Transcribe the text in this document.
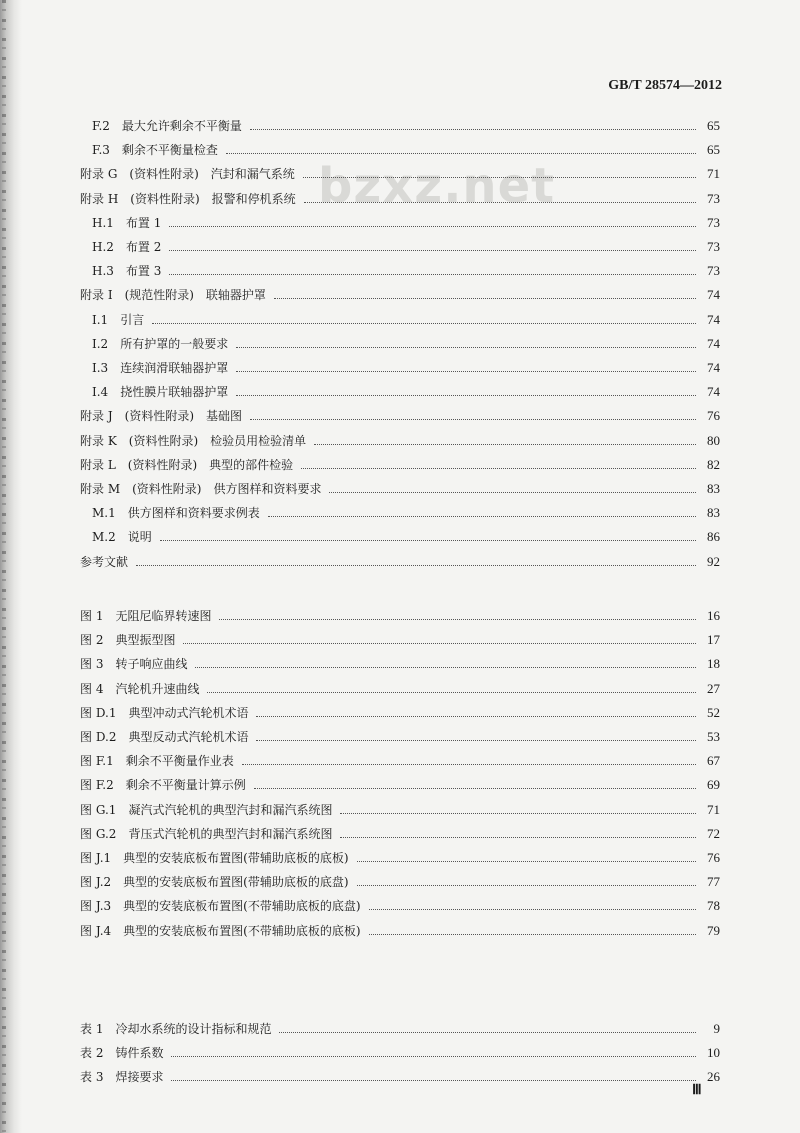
bzxz.net
GB/T 28574—2012
F.2 最大允许剩余不平衡量	65
F.3 剩余不平衡量检查	65
附录 G (资料性附录)　汽封和漏气系统	71
附录 H (资料性附录)　报警和停机系统	73
H.1 布置 1	73
H.2 布置 2	73
H.3 布置 3	73
附录 I (规范性附录)　联轴器护罩	74
I.1 引言	74
I.2 所有护罩的一般要求	74
I.3 连续润滑联轴器护罩	74
I.4 挠性膜片联轴器护罩	74
附录 J (资料性附录)　基础图	76
附录 K (资料性附录)　检验员用检验清单	80
附录 L (资料性附录)　典型的部件检验	82
附录 M (资料性附录)　供方图样和资料要求	83
M.1 供方图样和资料要求例表	83
M.2 说明	86
参考文献	92
图 1 无阻尼临界转速图	16
图 2 典型振型图	17
图 3 转子响应曲线	18
图 4 汽轮机升速曲线	27
图 D.1 典型冲动式汽轮机术语	52
图 D.2 典型反动式汽轮机术语	53
图 F.1 剩余不平衡量作业表	67
图 F.2 剩余不平衡量计算示例	69
图 G.1 凝汽式汽轮机的典型汽封和漏汽系统图	71
图 G.2 背压式汽轮机的典型汽封和漏汽系统图	72
图 J.1 典型的安装底板布置图(带辅助底板的底板)	76
图 J.2 典型的安装底板布置图(带辅助底板的底盘)	77
图 J.3 典型的安装底板布置图(不带辅助底板的底盘)	78
图 J.4 典型的安装底板布置图(不带辅助底板的底板)	79
表 1 冷却水系统的设计指标和规范	9
表 2 铸件系数	10
表 3 焊接要求	26
Ⅲ
